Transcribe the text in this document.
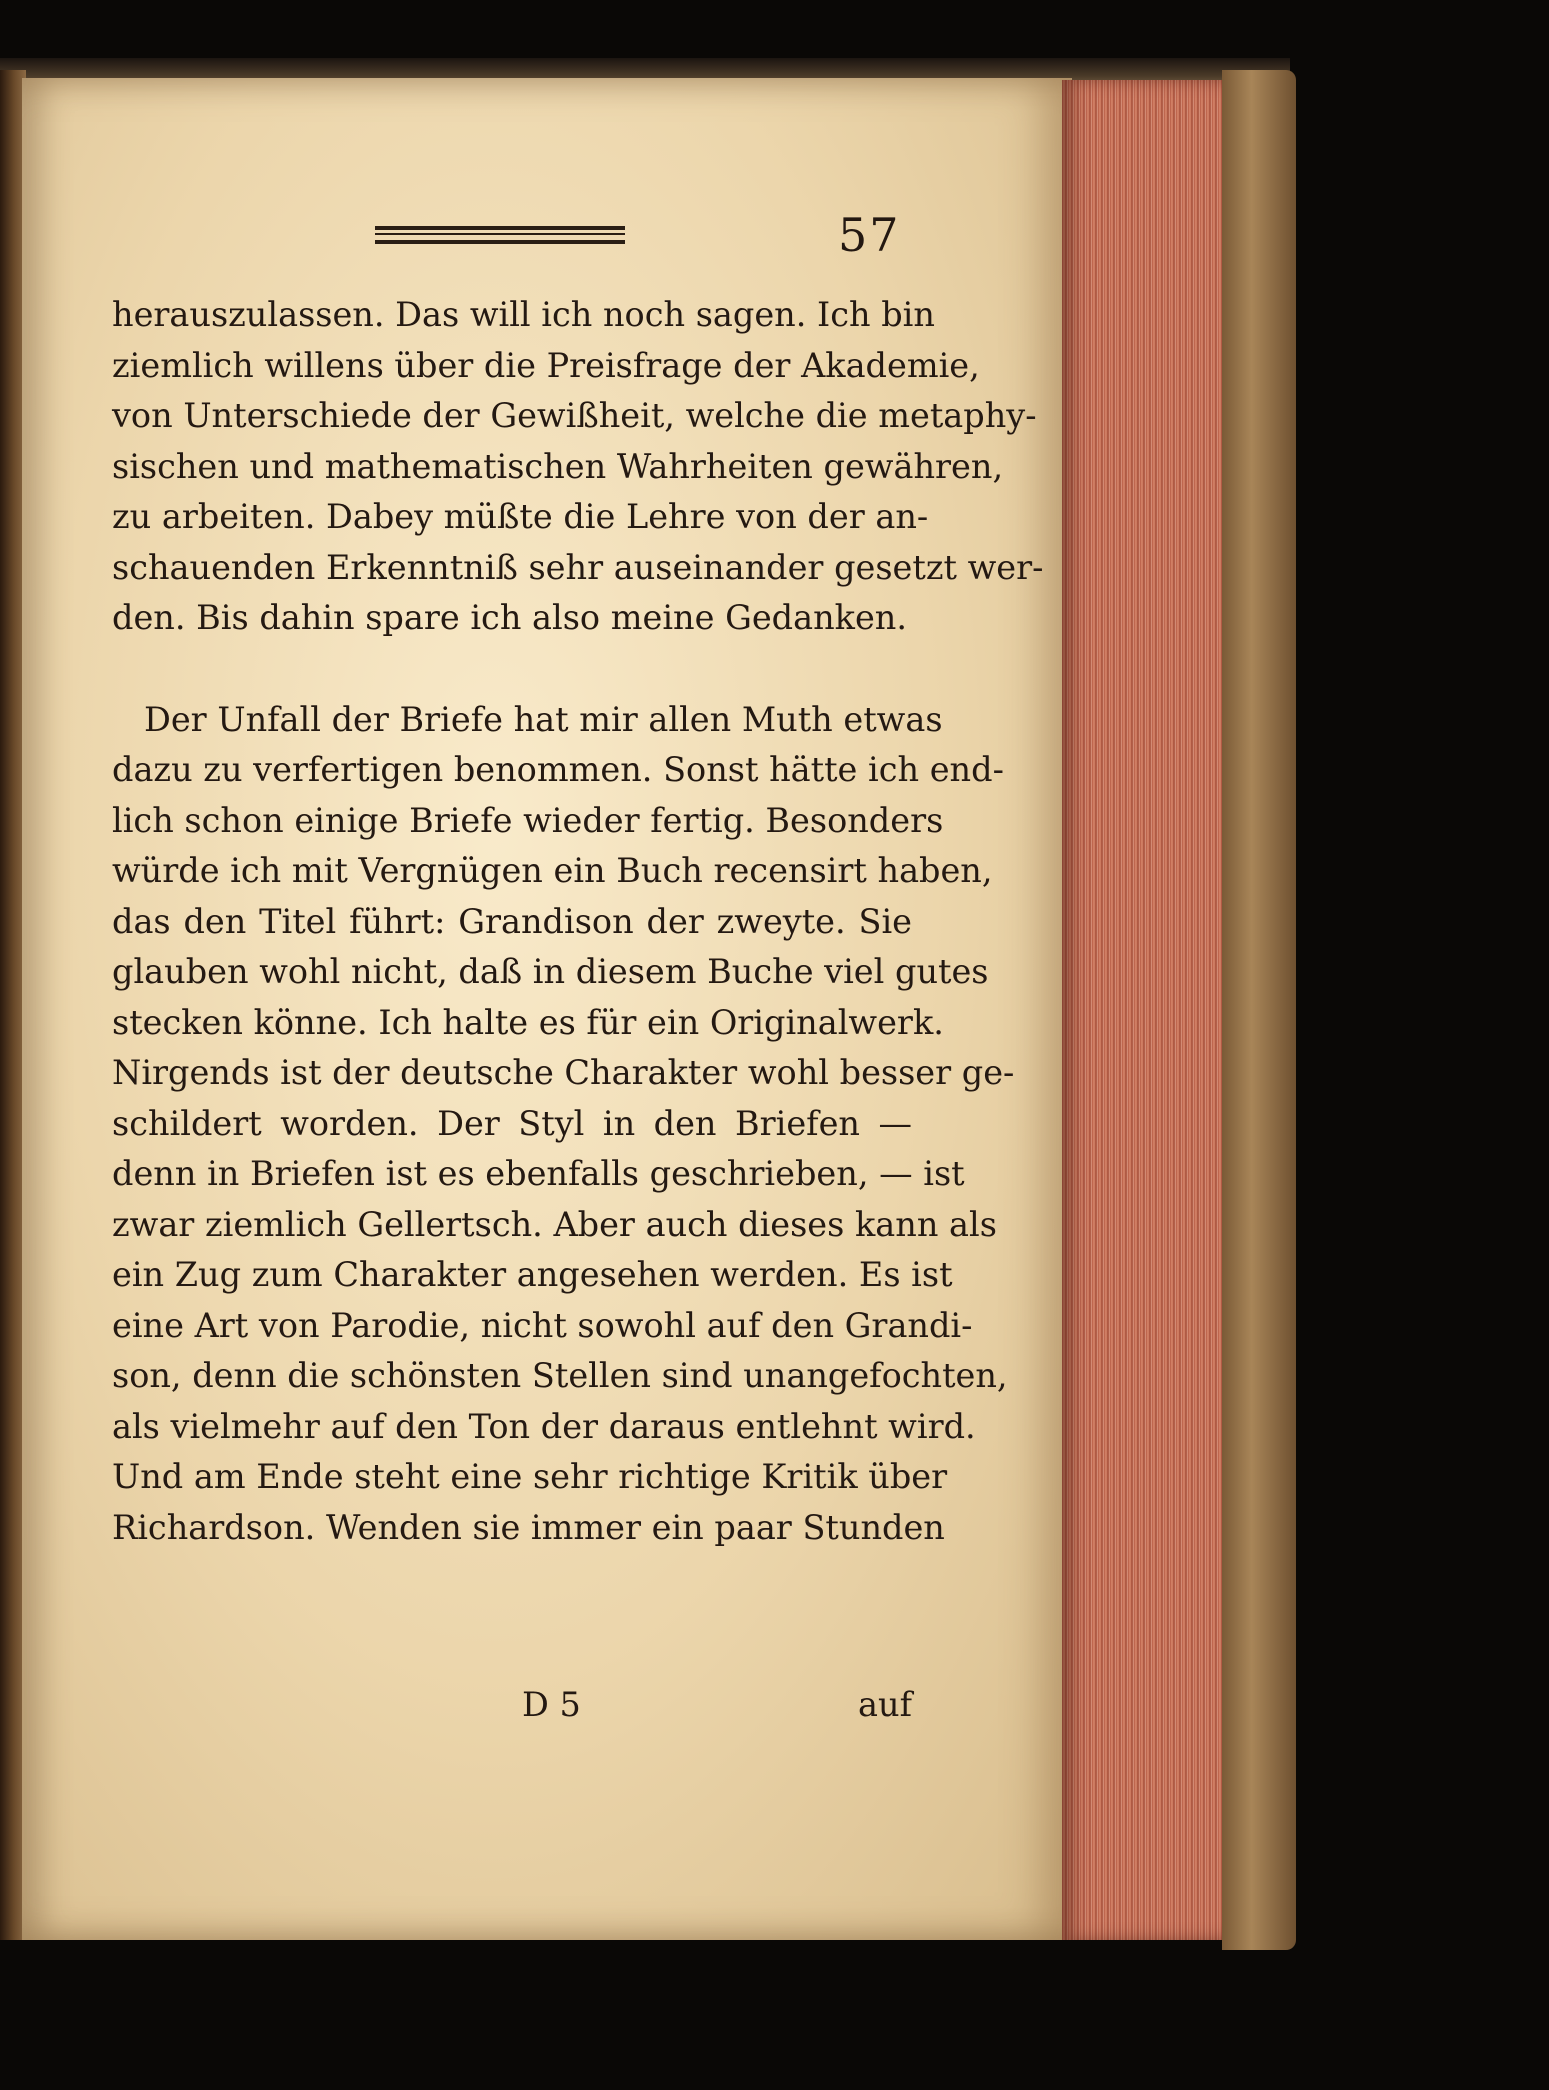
57
herauszulassen. Das will ich noch sagen. Ich bin
ziemlich willens über die Preisfrage der Akademie,
von Unterschiede der Gewißheit, welche die metaphy-
sischen und mathematischen Wahrheiten gewähren,
zu arbeiten. Dabey müßte die Lehre von der an-
schauenden Erkenntniß sehr auseinander gesetzt wer-
den. Bis dahin spare ich also meine Gedanken.
Der Unfall der Briefe hat mir allen Muth etwas
dazu zu verfertigen benommen. Sonst hätte ich end-
lich schon einige Briefe wieder fertig. Besonders
würde ich mit Vergnügen ein Buch recensirt haben,
das den Titel führt: Grandison der zweyte. Sie
glauben wohl nicht, daß in diesem Buche viel gutes
stecken könne. Ich halte es für ein Originalwerk.
Nirgends ist der deutsche Charakter wohl besser ge-
schildert worden. Der Styl in den Briefen —
denn in Briefen ist es ebenfalls geschrieben, — ist
zwar ziemlich Gellertsch. Aber auch dieses kann als
ein Zug zum Charakter angesehen werden. Es ist
eine Art von Parodie, nicht sowohl auf den Grandi-
son, denn die schönsten Stellen sind unangefochten,
als vielmehr auf den Ton der daraus entlehnt wird.
Und am Ende steht eine sehr richtige Kritik über
Richardson. Wenden sie immer ein paar Stunden
D 5	auf
